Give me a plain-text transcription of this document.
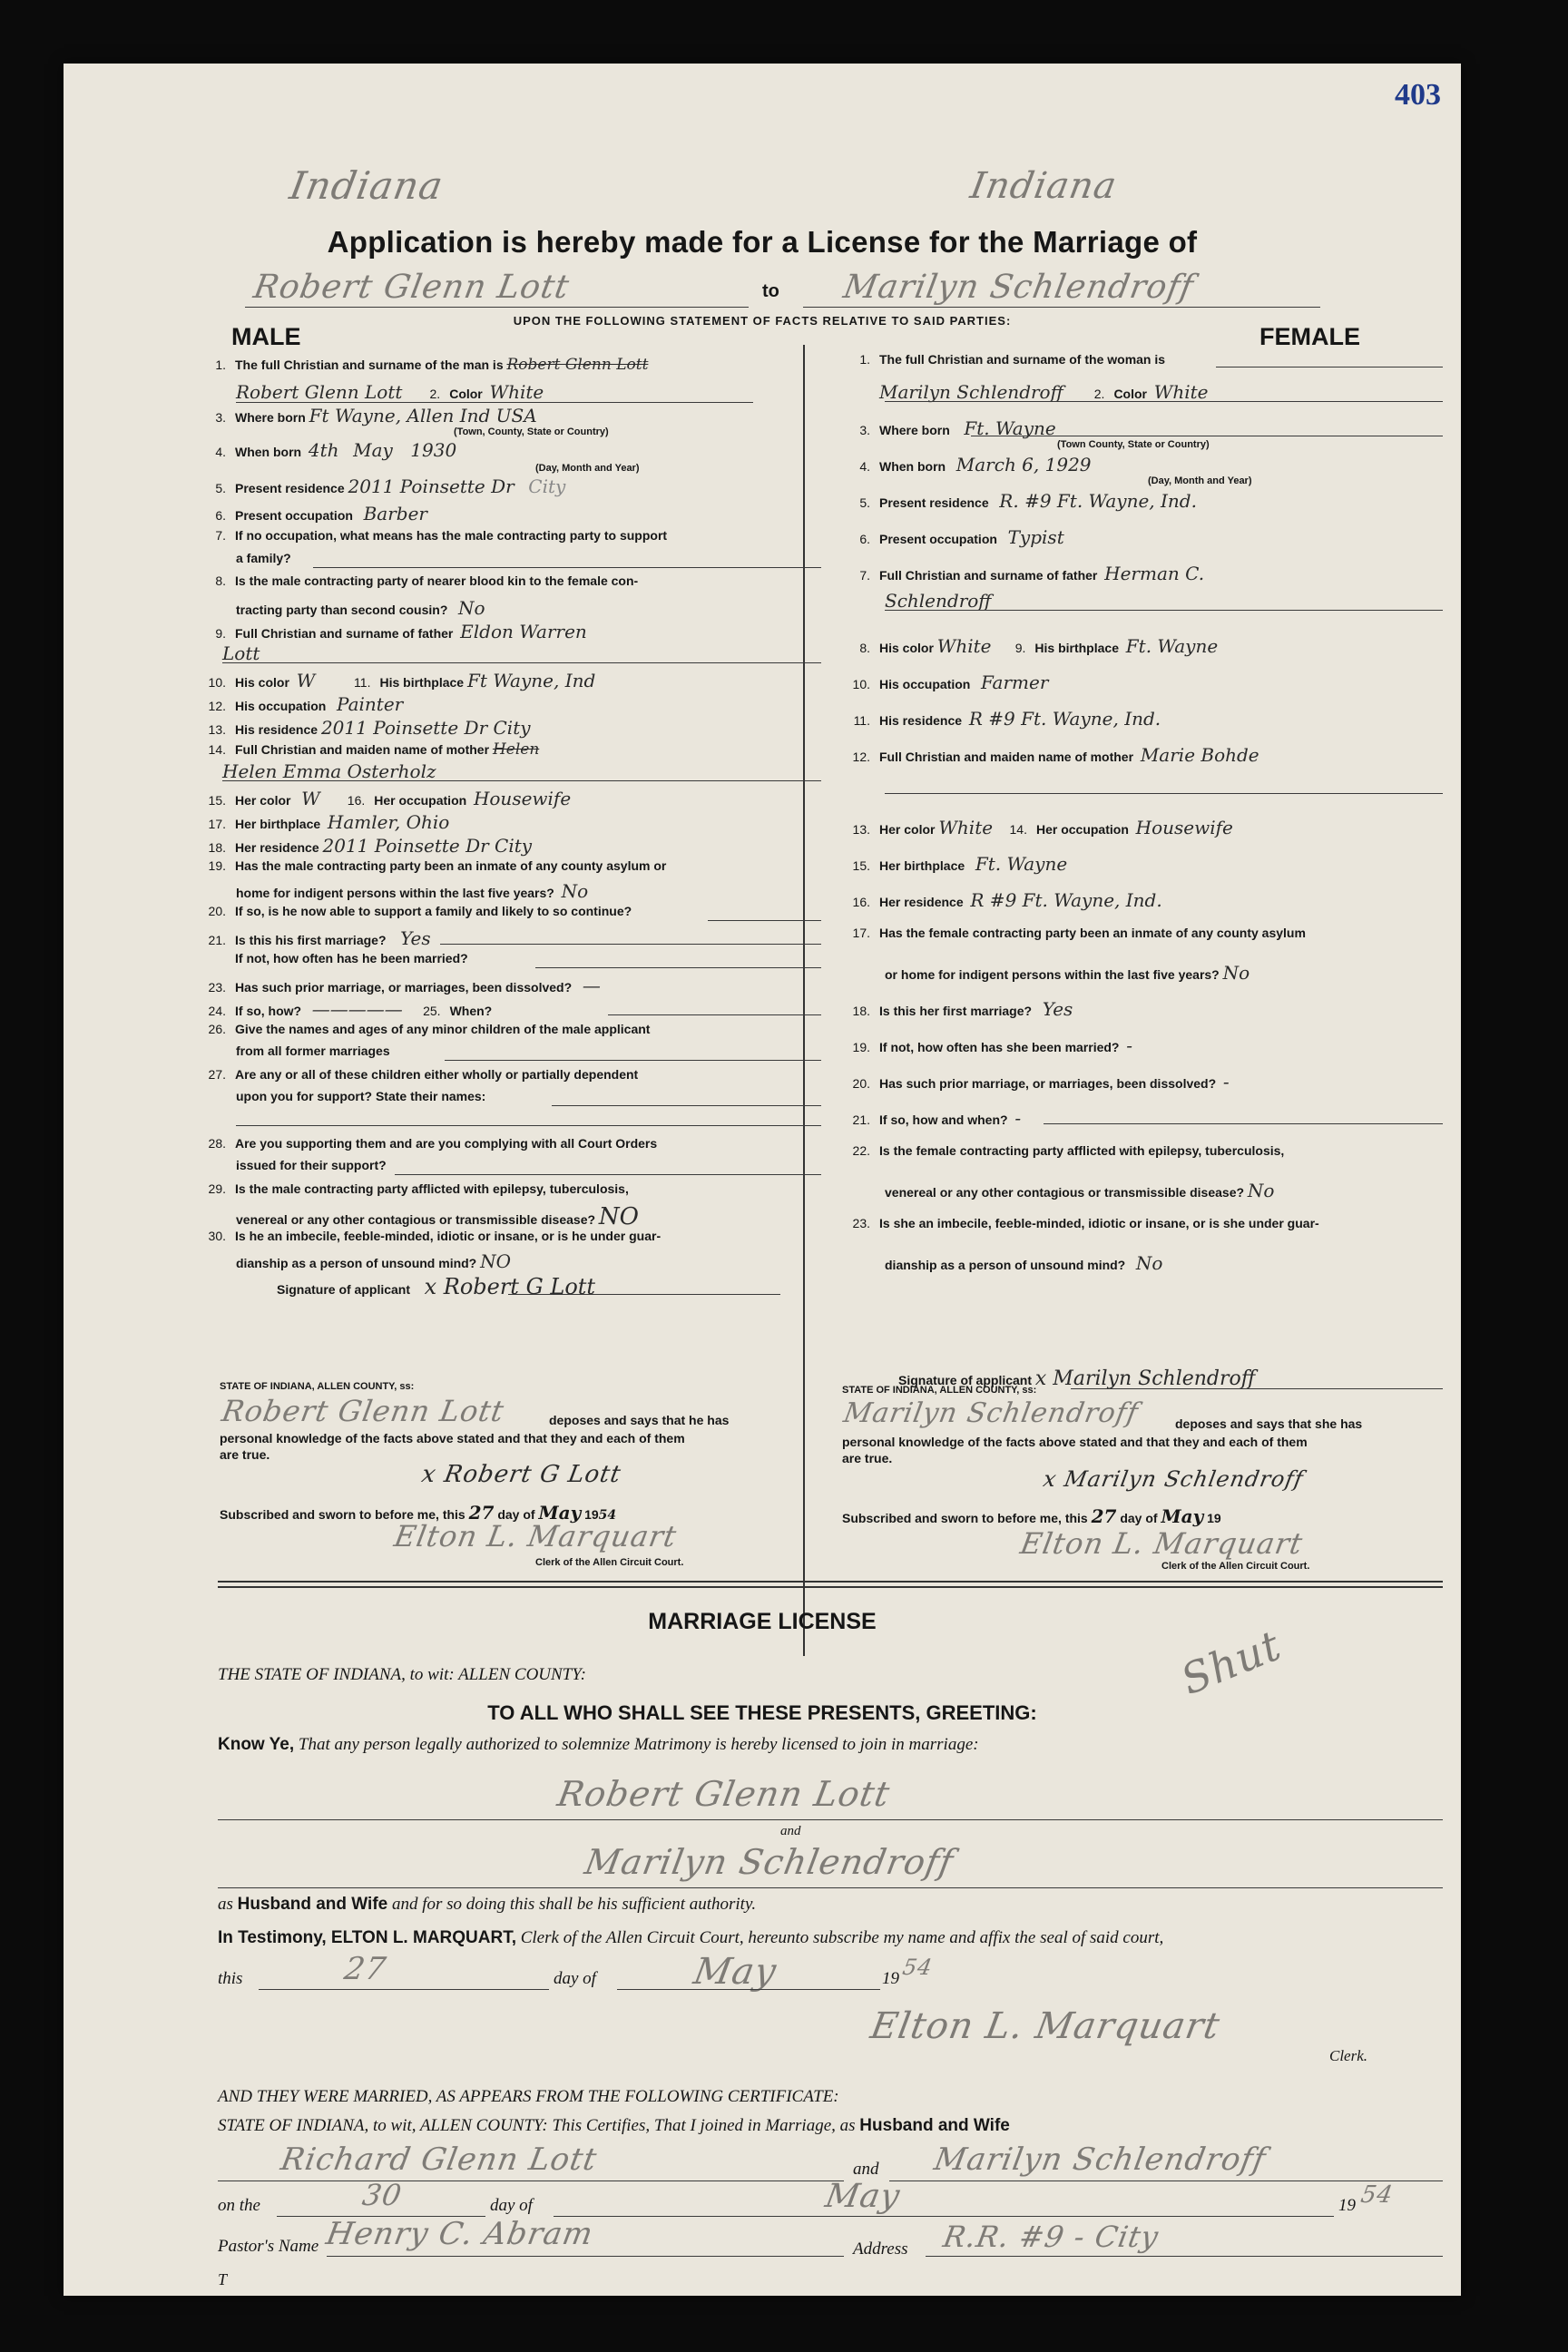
403
Indiana	Indiana
Application is hereby made for a License for the Marriage of
Robert Glenn Lott	to Marilyn Schlendroff
UPON THE FOLLOWING STATEMENT OF FACTS RELATIVE TO SAID PARTIES:
MALE	FEMALE
1. The full Christian and surname of the man is Robert Glenn Lott
Robert Glenn Lott 2. Color White
3. Where born Ft Wayne, Allen Ind USA
(Town, County, State or Country)
4. When born 4th May 1930
(Day, Month and Year)
5. Present residence 2011 Poinsette Dr City
6. Present occupation Barber
7. If no occupation, what means has the male contracting party to support
a family?
8. Is the male contracting party of nearer blood kin to the female con-
tracting party than second cousin? No
9. Full Christian and surname of father Eldon Warren
Lott
10. His color W	11. His birthplace Ft Wayne, Ind
12. His occupation Painter
13. His residence 2011 Poinsette Dr City
14. Full Christian and maiden name of mother Helen
Helen Emma Osterholz
15. Her color W 16. Her occupation Housewife
17. Her birthplace Hamler, Ohio
18. Her residence 2011 Poinsette Dr City
19. Has the male contracting party been an inmate of any county asylum or
home for indigent persons within the last five years? No
20. If so, is he now able to support a family and likely to so continue?
21. Is this his first marriage? Yes
If not, how often has he been married?
23. Has such prior marriage, or marriages, been dissolved? —
24. If so, how? ————— 25. When?
26. Give the names and ages of any minor children of the male applicant
from all former marriages
27. Are any or all of these children either wholly or partially dependent
upon you for support? State their names:
28. Are you supporting them and are you complying with all Court Orders
issued for their support?
29. Is the male contracting party afflicted with epilepsy, tuberculosis,
venereal or any other contagious or transmissible disease? NO
30. Is he an imbecile, feeble-minded, idiotic or insane, or is he under guar-
dianship as a person of unsound mind? NO
Signature of applicant x Robert G Lott
1. The full Christian and surname of the woman is
Marilyn Schlendroff 2. Color White
3. Where born Ft. Wayne
(Town County, State or Country)
4. When born March 6, 1929
(Day, Month and Year)
5. Present residence R. #9 Ft. Wayne, Ind.
6. Present occupation Typist
7. Full Christian and surname of father Herman C.
Schlendroff
8. His color White 9. His birthplace Ft. Wayne
10. His occupation Farmer
11. His residence R #9 Ft. Wayne, Ind.
12. Full Christian and maiden name of mother Marie Bohde
13. Her color White 14. Her occupation Housewife
15. Her birthplace Ft. Wayne
16. Her residence R #9 Ft. Wayne, Ind.
17. Has the female contracting party been an inmate of any county asylum
or home for indigent persons within the last five years? No
18. Is this her first marriage? Yes
19. If not, how often has she been married? -
20. Has such prior marriage, or marriages, been dissolved? -
21. If so, how and when? -
22. Is the female contracting party afflicted with epilepsy, tuberculosis,
venereal or any other contagious or transmissible disease? No
23. Is she an imbecile, feeble-minded, idiotic or insane, or is she under guar-
dianship as a person of unsound mind? No
Signature of applicant x Marilyn Schlendroff
STATE OF INDIANA, ALLEN COUNTY, ss:
Robert Glenn Lott	deposes and says that he has
personal knowledge of the facts above stated and that they and each of them
are true.
x Robert G Lott
Subscribed and sworn to before me, this 27 day of May 1954
Elton L. Marquart
Clerk of the Allen Circuit Court.
STATE OF INDIANA, ALLEN COUNTY, ss:
Marilyn Schlendroff	deposes and says that she has
personal knowledge of the facts above stated and that they and each of them
are true.
x Marilyn Schlendroff
Subscribed and sworn to before me, this 27 day of May 19
Elton L. Marquart
Clerk of the Allen Circuit Court.
MARRIAGE LICENSE
THE STATE OF INDIANA, to wit: ALLEN COUNTY:	Shut
TO ALL WHO SHALL SEE THESE PRESENTS, GREETING:
Know Ye, That any person legally authorized to solemnize Matrimony is hereby licensed to join in marriage:
Robert Glenn Lott
and
Marilyn Schlendroff
as Husband and Wife and for so doing this shall be his sufficient authority.
In Testimony, ELTON L. MARQUART, Clerk of the Allen Circuit Court, hereunto subscribe my name and affix the seal of said court,
this	27	day of	May	19 54
Elton L. Marquart
Clerk.
AND THEY WERE MARRIED, AS APPEARS FROM THE FOLLOWING CERTIFICATE:
STATE OF INDIANA, to wit, ALLEN COUNTY: This Certifies, That I joined in Marriage, as Husband and Wife
Richard Glenn Lott	and Marilyn Schlendroff
on the	30	day of	May	19 54
Pastor's Name Henry C. Abram	Address R.R. #9 - City
T
